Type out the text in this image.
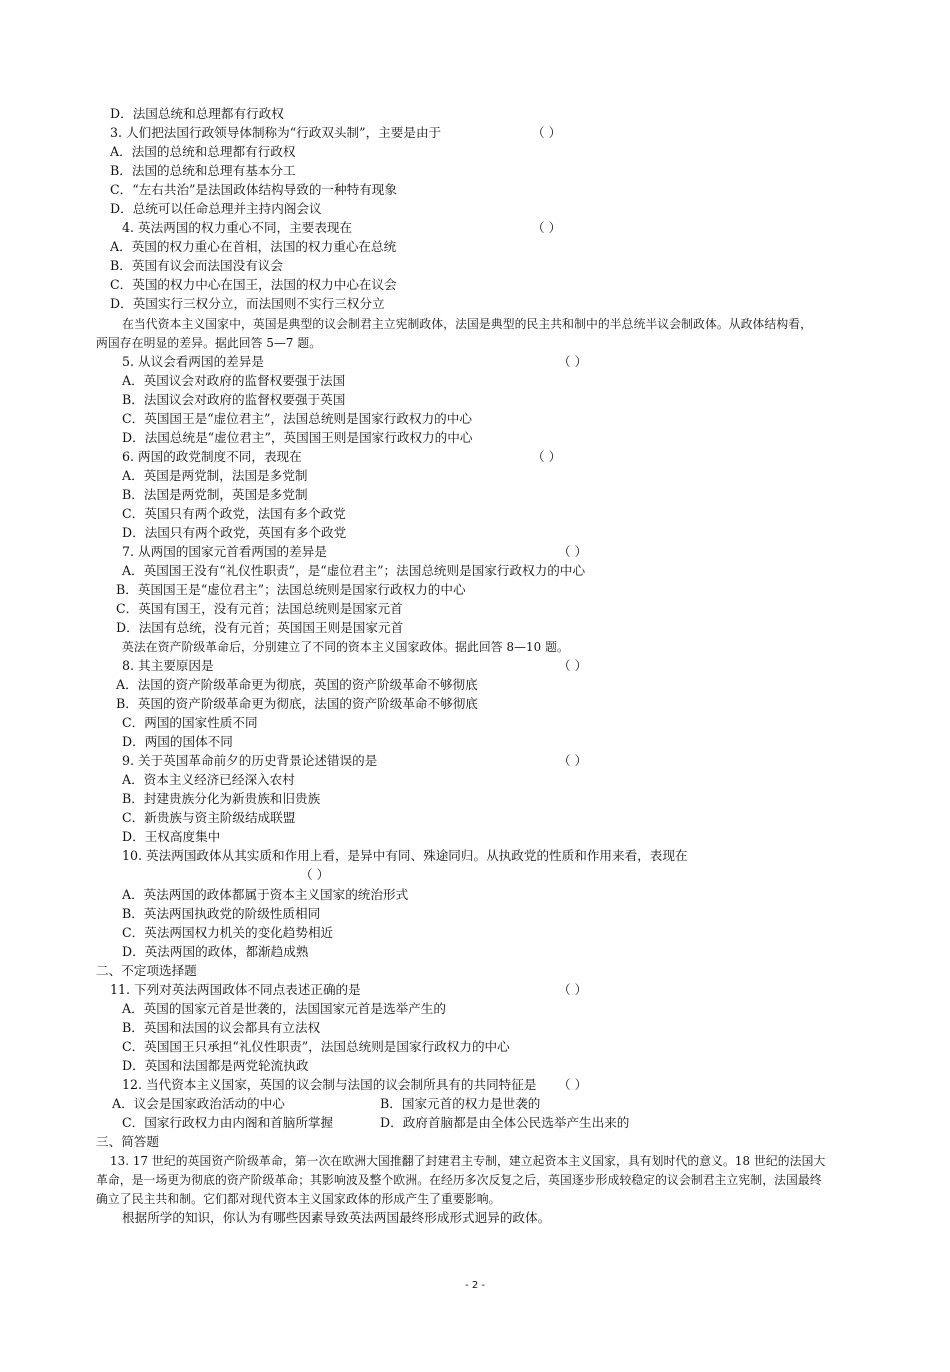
D．法国总统和总理都有行政权
3. 人们把法国行政领导体制称为“行政双头制”，主要是由于	（ ）
A．法国的总统和总理都有行政权
B．法国的总统和总理有基本分工
C．“左右共治”是法国政体结构导致的一种特有现象
D．总统可以任命总理并主持内阁会议
4. 英法两国的权力重心不同，主要表现在	（ ）
A．英国的权力重心在首相，法国的权力重心在总统
B．英国有议会而法国没有议会
C．英国的权力中心在国王，法国的权力中心在议会
D．英国实行三权分立，而法国则不实行三权分立
在当代资本主义国家中，英国是典型的议会制君主立宪制政体，法国是典型的民主共和制中的半总统半议会制政体。从政体结构看，
两国存在明显的差异。据此回答 5—7 题。
5. 从议会看两国的差异是	（ ）
A．英国议会对政府的监督权要强于法国
B．法国议会对政府的监督权要强于英国
C．英国国王是“虚位君主”，法国总统则是国家行政权力的中心
D．法国总统是“虚位君主”，英国国王则是国家行政权力的中心
6. 两国的政党制度不同，表现在	（ ）
A．英国是两党制，法国是多党制
B．法国是两党制，英国是多党制
C．英国只有两个政党，法国有多个政党
D．法国只有两个政党，英国有多个政党
7. 从两国的国家元首看两国的差异是	（ ）
A．英国国王没有“礼仪性职责”，是“虚位君主”；法国总统则是国家行政权力的中心
B．英国国王是“虚位君主”；法国总统则是国家行政权力的中心
C．英国有国王，没有元首；法国总统则是国家元首
D．法国有总统，没有元首；英国国王则是国家元首
英法在资产阶级革命后，分别建立了不同的资本主义国家政体。据此回答 8—10 题。
8. 其主要原因是	（ ）
A．法国的资产阶级革命更为彻底，英国的资产阶级革命不够彻底
B．英国的资产阶级革命更为彻底，法国的资产阶级革命不够彻底
C．两国的国家性质不同
D．两国的国体不同
9. 关于英国革命前夕的历史背景论述错误的是	（ ）
A．资本主义经济已经深入农村
B．封建贵族分化为新贵族和旧贵族
C．新贵族与资主阶级结成联盟
D．王权高度集中
10. 英法两国政体从其实质和作用上看，是异中有同、殊途同归。从执政党的性质和作用来看，表现在
（ ）
A．英法两国的政体都属于资本主义国家的统治形式
B．英法两国执政党的阶级性质相同
C．英法两国权力机关的变化趋势相近
D．英法两国的政体，都渐趋成熟
二、不定项选择题
11. 下列对英法两国政体不同点表述正确的是	（ ）
A．英国的国家元首是世袭的，法国国家元首是选举产生的
B．英国和法国的议会都具有立法权
C．英国国王只承担“礼仪性职责”，法国总统则是国家行政权力的中心
D．英国和法国都是两党轮流执政
12. 当代资本主义国家，英国的议会制与法国的议会制所具有的共同特征是 （ ）
A．议会是国家政治活动的中心	B．国家元首的权力是世袭的
C．国家行政权力由内阁和首脑所掌握	D．政府首脑都是由全体公民选举产生出来的
三、简答题
13. 17 世纪的英国资产阶级革命，第一次在欧洲大国推翻了封建君主专制，建立起资本主义国家，具有划时代的意义。18 世纪的法国大
革命，是一场更为彻底的资产阶级革命；其影响波及整个欧洲。在经历多次反复之后，英国逐步形成较稳定的议会制君主立宪制，法国最终
确立了民主共和制。它们都对现代资本主义国家政体的形成产生了重要影响。
根据所学的知识，你认为有哪些因素导致英法两国最终形成形式迥异的政体。
- 2 -
